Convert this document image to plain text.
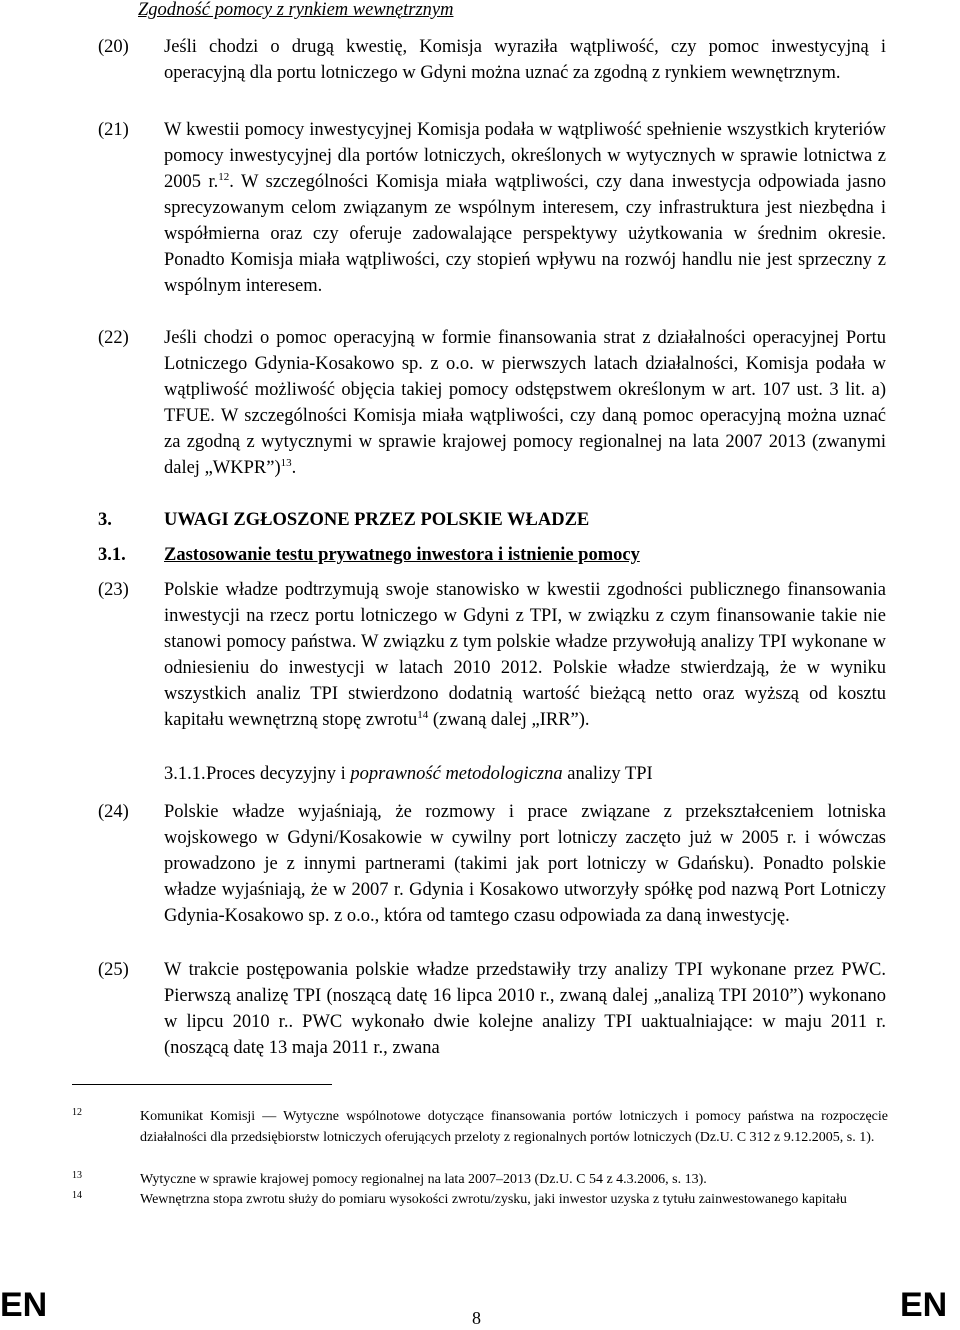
Zgodność pomocy z rynkiem wewnętrznym
(20)	Jeśli chodzi o drugą kwestię, Komisja wyraziła wątpliwość, czy pomoc inwestycyjną i operacyjną dla portu lotniczego w Gdyni można uznać za zgodną z rynkiem wewnętrznym.
(21)	W kwestii pomocy inwestycyjnej Komisja podała w wątpliwość spełnienie wszystkich kryteriów pomocy inwestycyjnej dla portów lotniczych, określonych w wytycznych w sprawie lotnictwa z 2005 r.$^{12}$. W szczególności Komisja miała wątpliwości, czy dana inwestycja odpowiada jasno sprecyzowanym celom związanym ze wspólnym interesem, czy infrastruktura jest niezbędna i współmierna oraz czy oferuje zadowalające perspektywy użytkowania w średnim okresie. Ponadto Komisja miała wątpliwości, czy stopień wpływu na rozwój handlu nie jest sprzeczny z wspólnym interesem.
(22)	Jeśli chodzi o pomoc operacyjną w formie finansowania strat z działalności operacyjnej Portu Lotniczego Gdynia-Kosakowo sp. z o.o. w pierwszych latach działalności, Komisja podała w wątpliwość możliwość objęcia takiej pomocy odstępstwem określonym w art. 107 ust. 3 lit. a) TFUE. W szczególności Komisja miała wątpliwości, czy daną pomoc operacyjną można uznać za zgodną z wytycznymi w sprawie krajowej pomocy regionalnej na lata 2007 2013 (zwanymi dalej „WKPR”)$^{13}$.
3.	UWAGI ZGŁOSZONE PRZEZ POLSKIE WŁADZE
3.1. Zastosowanie testu prywatnego inwestora i istnienie pomocy
(23)	Polskie władze podtrzymują swoje stanowisko w kwestii zgodności publicznego finansowania inwestycji na rzecz portu lotniczego w Gdyni z TPI, w związku z czym finansowanie takie nie stanowi pomocy państwa. W związku z tym polskie władze przywołują analizy TPI wykonane w odniesieniu do inwestycji w latach 2010 2012. Polskie władze stwierdzają, że w wyniku wszystkich analiz TPI stwierdzono dodatnią wartość bieżącą netto oraz wyższą od kosztu kapitału wewnętrzną stopę zwrotu$^{14}$ (zwaną dalej „IRR”).
3.1.1.Proces decyzyjny i poprawność metodologiczna analizy TPI
(24)	Polskie władze wyjaśniają, że rozmowy i prace związane z przekształceniem lotniska wojskowego w Gdyni/Kosakowie w cywilny port lotniczy zaczęto już w 2005 r. i wówczas prowadzono je z innymi partnerami (takimi jak port lotniczy w Gdańsku). Ponadto polskie władze wyjaśniają, że w 2007 r. Gdynia i Kosakowo utworzyły spółkę pod nazwą Port Lotniczy Gdynia-Kosakowo sp. z o.o., która od tamtego czasu odpowiada za daną inwestycję.
(25)	W trakcie postępowania polskie władze przedstawiły trzy analizy TPI wykonane przez PWC. Pierwszą analizę TPI (noszącą datę 16 lipca 2010 r., zwaną dalej „analizą TPI 2010”) wykonano w lipcu 2010 r.. PWC wykonało dwie kolejne analizy TPI uaktualniające: w maju 2011 r. (noszącą datę 13 maja 2011 r., zwana
12	Komunikat Komisji — Wytyczne wspólnotowe dotyczące finansowania portów lotniczych i pomocy państwa na rozpoczęcie działalności dla przedsiębiorstw lotniczych oferujących przeloty z regionalnych portów lotniczych (Dz.U. C 312 z 9.12.2005, s. 1).
13	Wytyczne w sprawie krajowej pomocy regionalnej na lata 2007–2013 (Dz.U. C 54 z 4.3.2006, s. 13).
14	Wewnętrzna stopa zwrotu służy do pomiaru wysokości zwrotu/zysku, jaki inwestor uzyska z tytułu zainwestowanego kapitału
EN	8	EN
